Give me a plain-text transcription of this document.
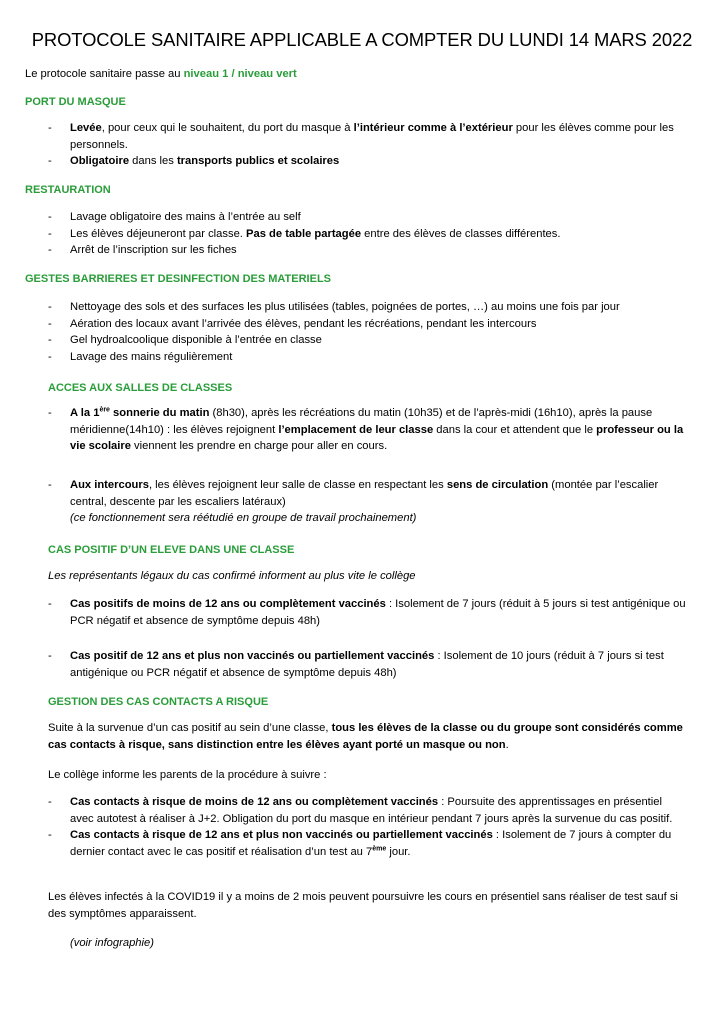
PROTOCOLE SANITAIRE APPLICABLE A COMPTER DU LUNDI 14 MARS 2022
Le protocole sanitaire passe au niveau 1 / niveau vert
PORT DU MASQUE
- Levée, pour ceux qui le souhaitent, du port du masque à l’intérieur comme à l’extérieur pour les élèves comme pour les personnels.
- Obligatoire dans les transports publics et scolaires
RESTAURATION
- Lavage obligatoire des mains à l’entrée au self
- Les élèves déjeuneront par classe. Pas de table partagée entre des élèves de classes différentes.
- Arrêt de l’inscription sur les fiches
GESTES BARRIERES ET DESINFECTION DES MATERIELS
- Nettoyage des sols et des surfaces les plus utilisées (tables, poignées de portes, …) au moins une fois par jour
- Aération des locaux avant l’arrivée des élèves, pendant les récréations, pendant les intercours
- Gel hydroalcoolique disponible à l’entrée en classe
- Lavage des mains régulièrement
ACCES AUX SALLES DE CLASSES
- A la 1ère sonnerie du matin (8h30), après les récréations du matin (10h35) et de l’après-midi (16h10), après la pause méridienne(14h10) : les élèves rejoignent l’emplacement de leur classe dans la cour et attendent que le professeur ou la vie scolaire viennent les prendre en charge pour aller en cours.
- Aux intercours, les élèves rejoignent leur salle de classe en respectant les sens de circulation (montée par l’escalier central, descente par les escaliers latéraux)
(ce fonctionnement sera réétudié en groupe de travail prochainement)
CAS POSITIF D’UN ELEVE DANS UNE CLASSE
Les représentants légaux du cas confirmé informent au plus vite le collège
- Cas positifs de moins de 12 ans ou complètement vaccinés : Isolement de 7 jours (réduit à 5 jours si test antigénique ou PCR négatif et absence de symptôme depuis 48h)
- Cas positif de 12 ans et plus non vaccinés ou partiellement vaccinés : Isolement de 10 jours (réduit à 7 jours si test antigénique ou PCR négatif et absence de symptôme depuis 48h)
GESTION DES CAS CONTACTS A RISQUE
Suite à la survenue d’un cas positif au sein d’une classe, tous les élèves de la classe ou du groupe sont considérés comme cas contacts à risque, sans distinction entre les élèves ayant porté un masque ou non.
Le collège informe les parents de la procédure à suivre :
- Cas contacts à risque de moins de 12 ans ou complètement vaccinés : Poursuite des apprentissages en présentiel avec autotest à réaliser à J+2. Obligation du port du masque en intérieur pendant 7 jours après la survenue du cas positif.
- Cas contacts à risque de 12 ans et plus non vaccinés ou partiellement vaccinés : Isolement de 7 jours à compter du dernier contact avec le cas positif et réalisation d’un test au 7ème jour.
Les élèves infectés à la COVID19 il y a moins de 2 mois peuvent poursuivre les cours en présentiel sans réaliser de test sauf si des symptômes apparaissent.
(voir infographie)
